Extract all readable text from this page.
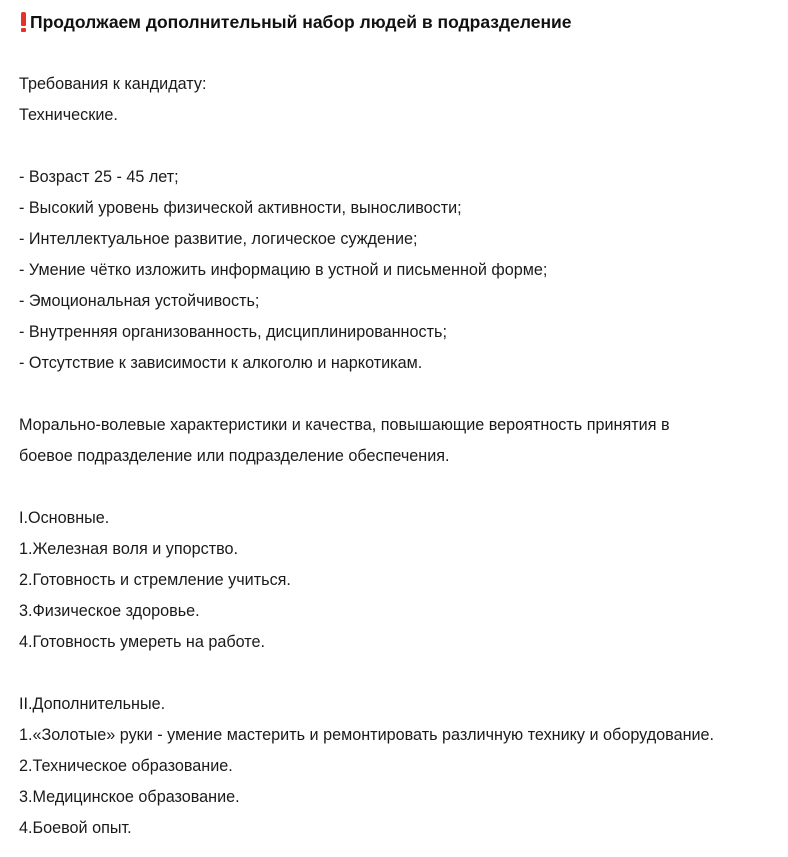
Продолжаем дополнительный набор людей в подразделение
Требования к кандидату:
Технические.
- Возраст 25 - 45 лет;
- Высокий уровень физической активности, выносливости;
- Интеллектуальное развитие, логическое суждение;
- Умение чётко изложить информацию в устной и письменной форме;
- Эмоциональная устойчивость;
- Внутренняя организованность, дисциплинированность;
- Отсутствие к зависимости к алкоголю и наркотикам.
Морально-волевые характеристики и качества, повышающие вероятность принятия в
боевое подразделение или подразделение обеспечения.
I.Основные.
1.Железная воля и упорство.
2.Готовность и стремление учиться.
3.Физическое здоровье.
4.Готовность умереть на работе.
II.Дополнительные.
1.«Золотые» руки - умение мастерить и ремонтировать различную технику и оборудование.
2.Техническое образование.
3.Медицинское образование.
4.Боевой опыт.
